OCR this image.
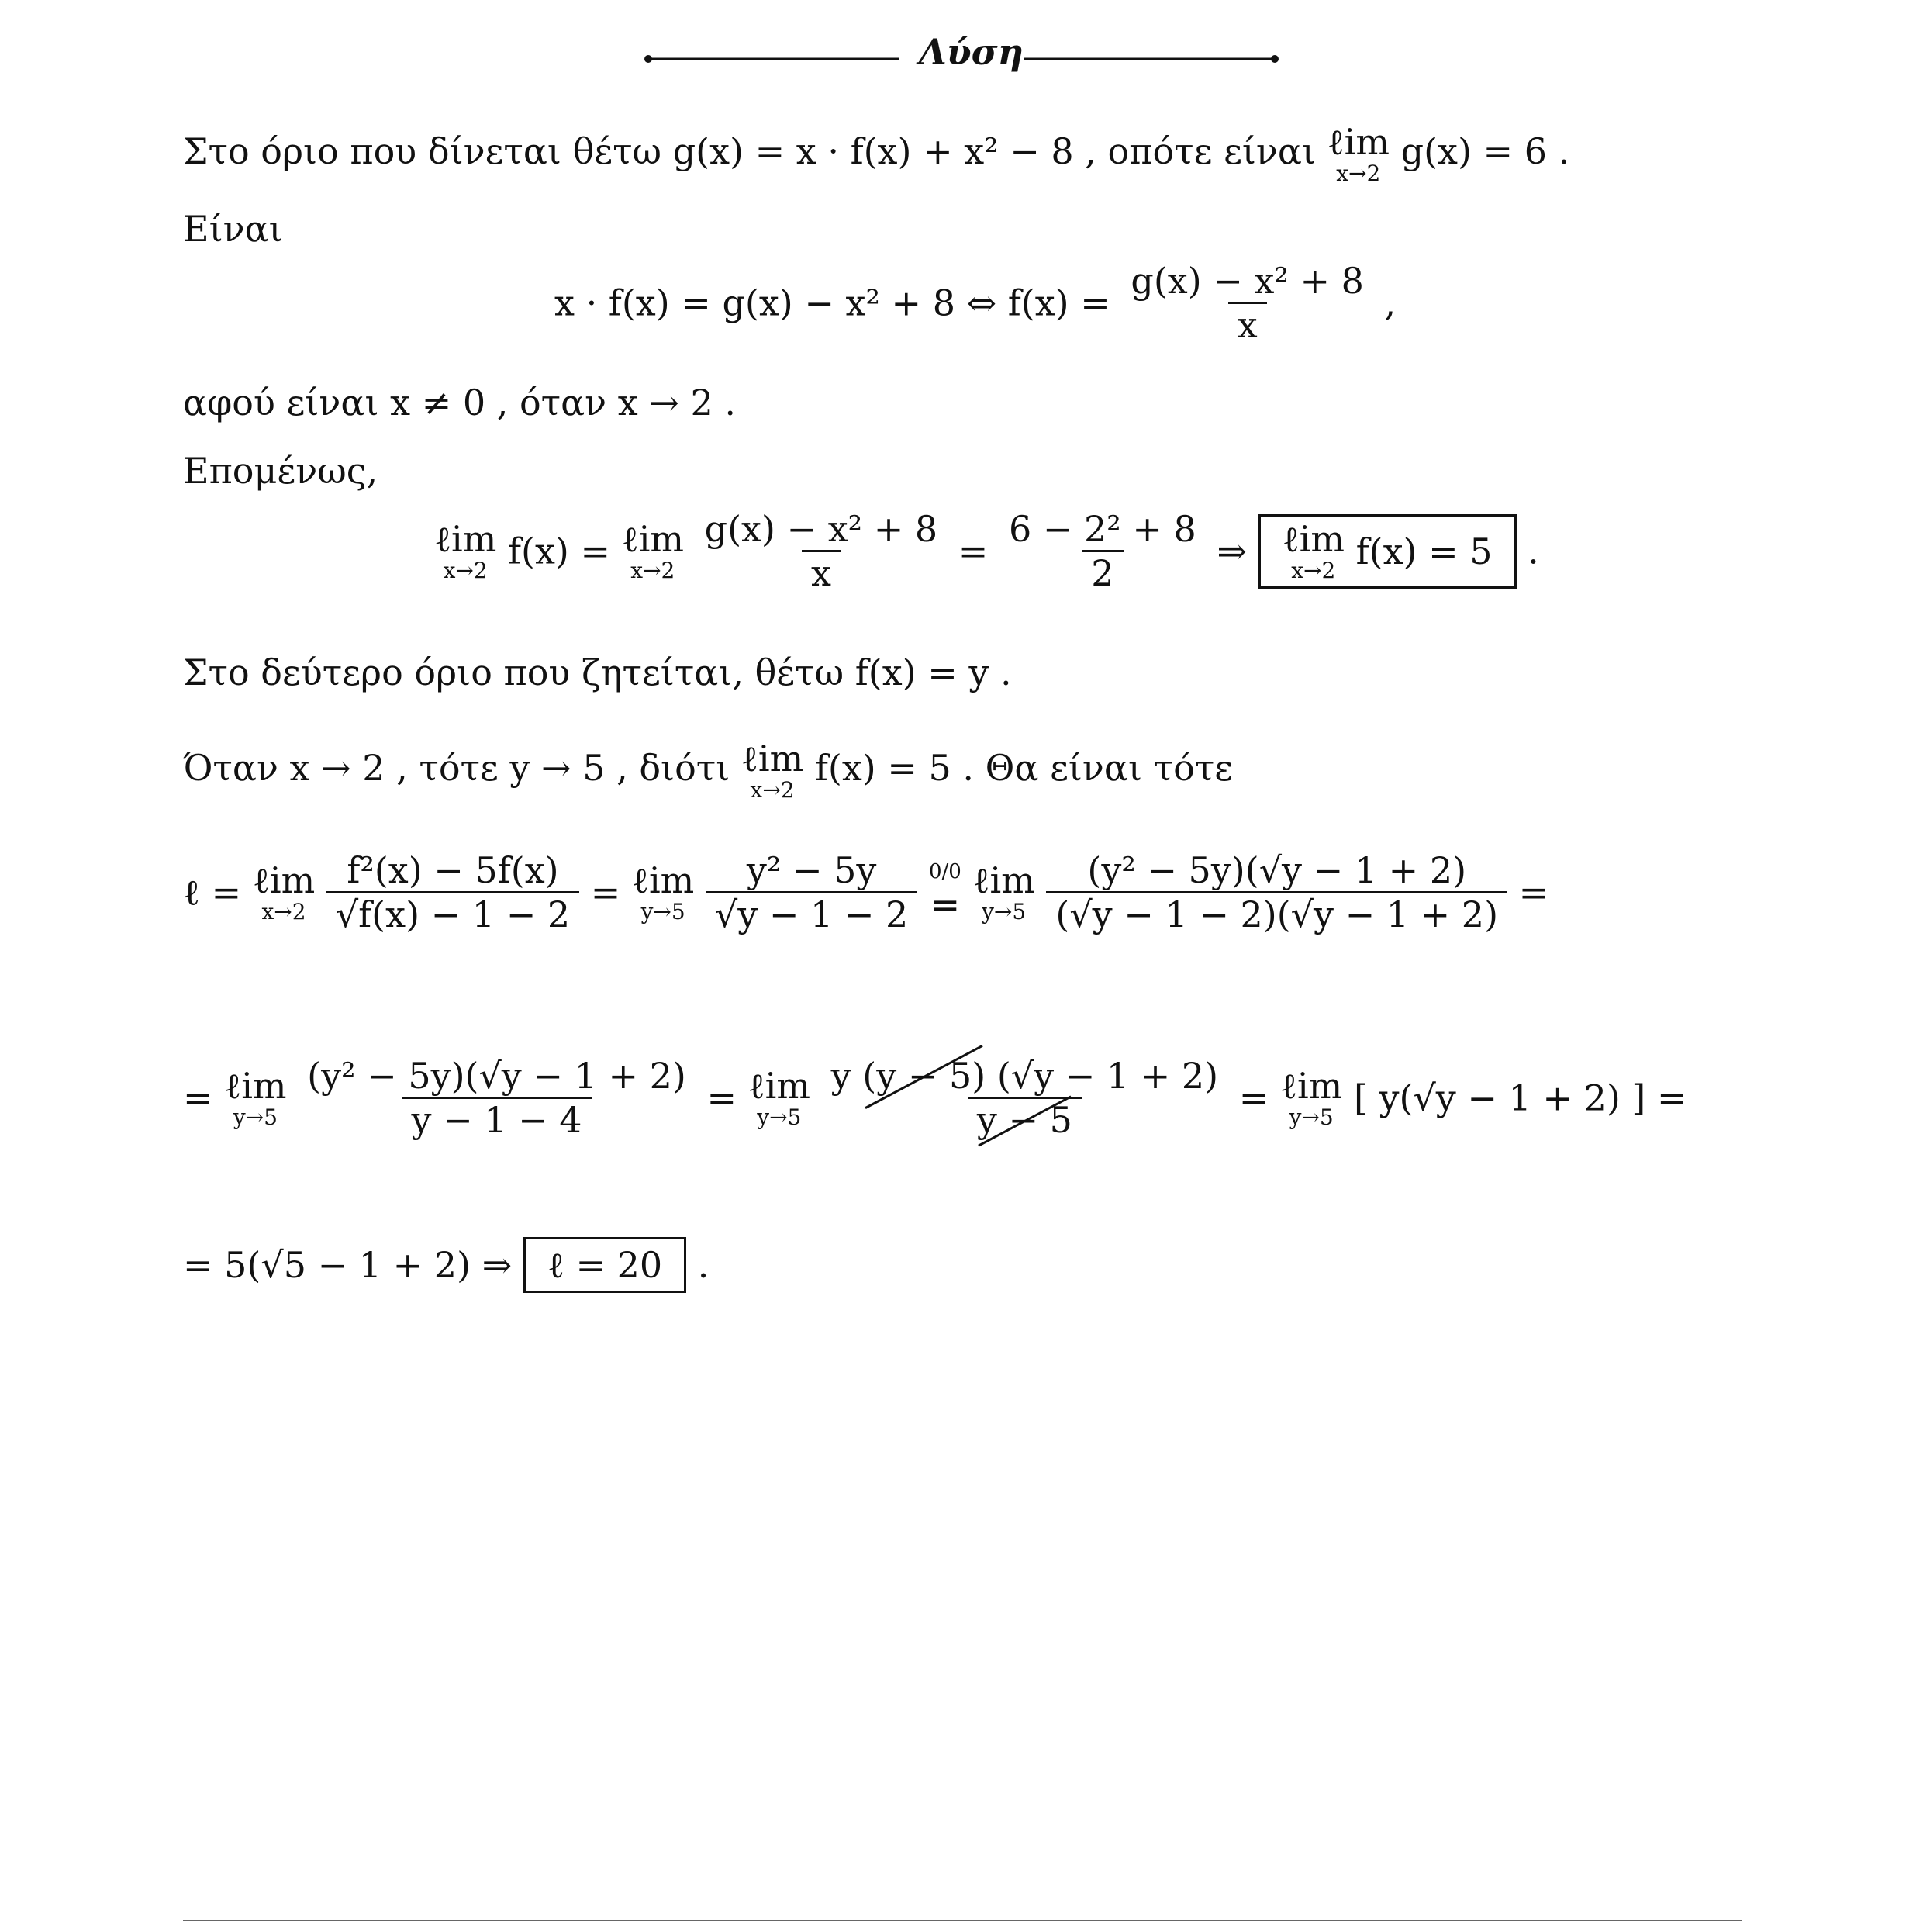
Λύση
Στο όριο που δίνεται θέτω g(x) = x · f(x) + x² − 8 , οπότε είναι ℓim
x→2
g(x) = 6 .
Είναι
x · f(x) = g(x) − x² + 8 ⇔ $f(x) = \frac{\text{g(x) − x² + 8}}{x}$ ,
αφού είναι x ≠ 0 , όταν x → 2 .
Επομένως,
ℓim
x→2 f(x) = ℓim
x→2
$\frac{\text{g(x) − x² + 8}}{x} = \frac{\text{6 − 2² + 8}}{2}$ ⇒ ℓim
x→2 f(x) = 5 .
Στο δεύτερο όριο που ζητείται, θέτω f(x) = y .
Όταν x → 2 , τότε y → 5 , διότι ℓim
x→2
f(x) = 5 . Θα είναι τότε
ℓ = ℓim
x→2
$\frac{\text{f²(x) − 5f(x)}}{√f(x) - 1 - 2}$ = ℓim
y→5
$\frac{\text{y² − 5y}}{√y - 1 - 2}$
0/0
=

ℓim
y→5
$\frac{\text{(y² − 5y)(√y − 1 + 2)}}{(√y - 1 - 2)(√y - 1 + 2)}$ =
= ℓim
y→5
$\frac{\text{(y² − 5y)(√y − 1 + 2)}}{y - 1 - 4}$ = ℓim
y→5
$\frac{y (y - 5) (√y - 1 + 2)}{y - 5}$ = ℓim
y→5 [ y(√y − 1 + 2) ] =
= 5(√5 − 1 + 2) ⇒ ℓ = 20 .
